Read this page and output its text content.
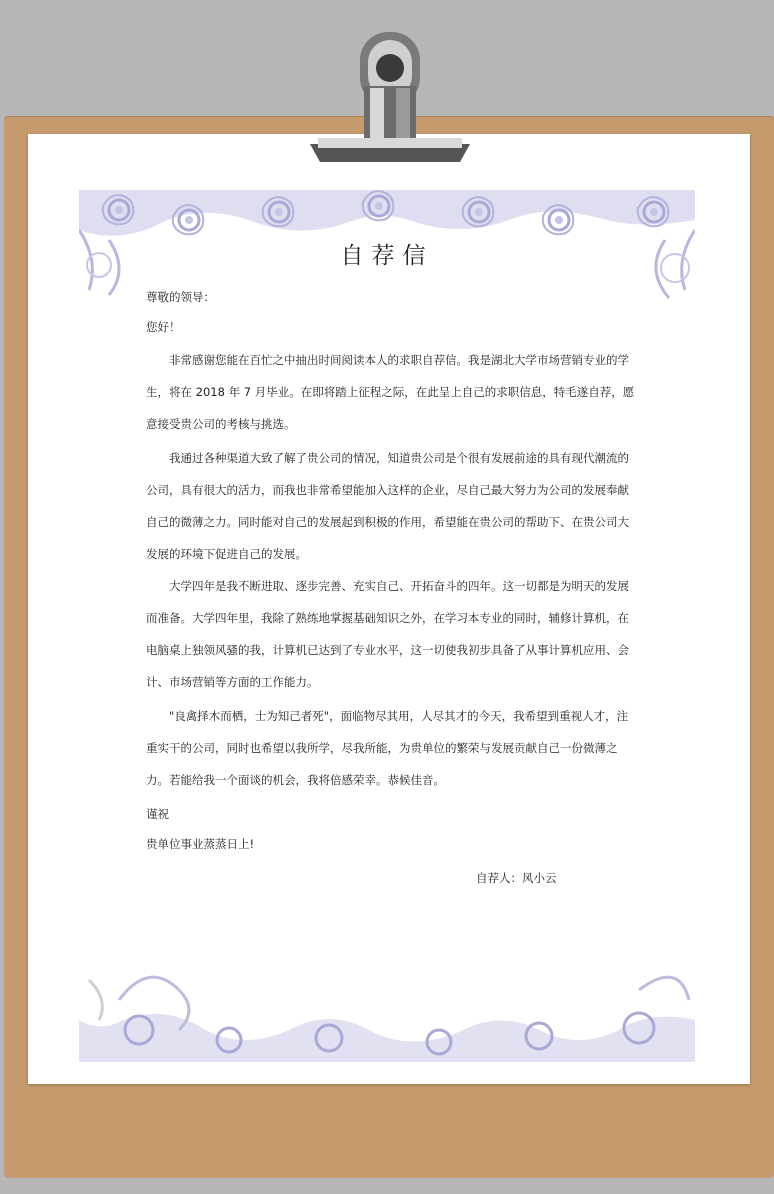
自荐信
尊敬的领导：
您好！
非常感谢您能在百忙之中抽出时间阅读本人的求职自荐信。我是湖北大学市场营销专业的学生，将在 2018 年 7 月毕业。在即将踏上征程之际，在此呈上自己的求职信息，特毛遂自荐，愿意接受贵公司的考核与挑选。
我通过各种渠道大致了解了贵公司的情况，知道贵公司是个很有发展前途的具有现代潮流的公司，具有很大的活力，而我也非常希望能加入这样的企业，尽自己最大努力为公司的发展奉献自己的微薄之力。同时能对自己的发展起到积极的作用，希望能在贵公司的帮助下、在贵公司大发展的环境下促进自己的发展。
大学四年是我不断进取、逐步完善、充实自己、开拓奋斗的四年。这一切都是为明天的发展而准备。大学四年里，我除了熟练地掌握基础知识之外，在学习本专业的同时，辅修计算机，在电脑桌上独领风骚的我，计算机已达到了专业水平，这一切使我初步具备了从事计算机应用、会计、市场营销等方面的工作能力。
"良禽择木而栖，士为知己者死"，面临物尽其用，人尽其才的今天，我希望到重视人才，注重实干的公司，同时也希望以我所学，尽我所能，为贵单位的繁荣与发展贡献自己一份微薄之力。若能给我一个面谈的机会，我将倍感荣幸。恭候佳音。
谨祝
贵单位事业蒸蒸日上!
自荐人：风小云
